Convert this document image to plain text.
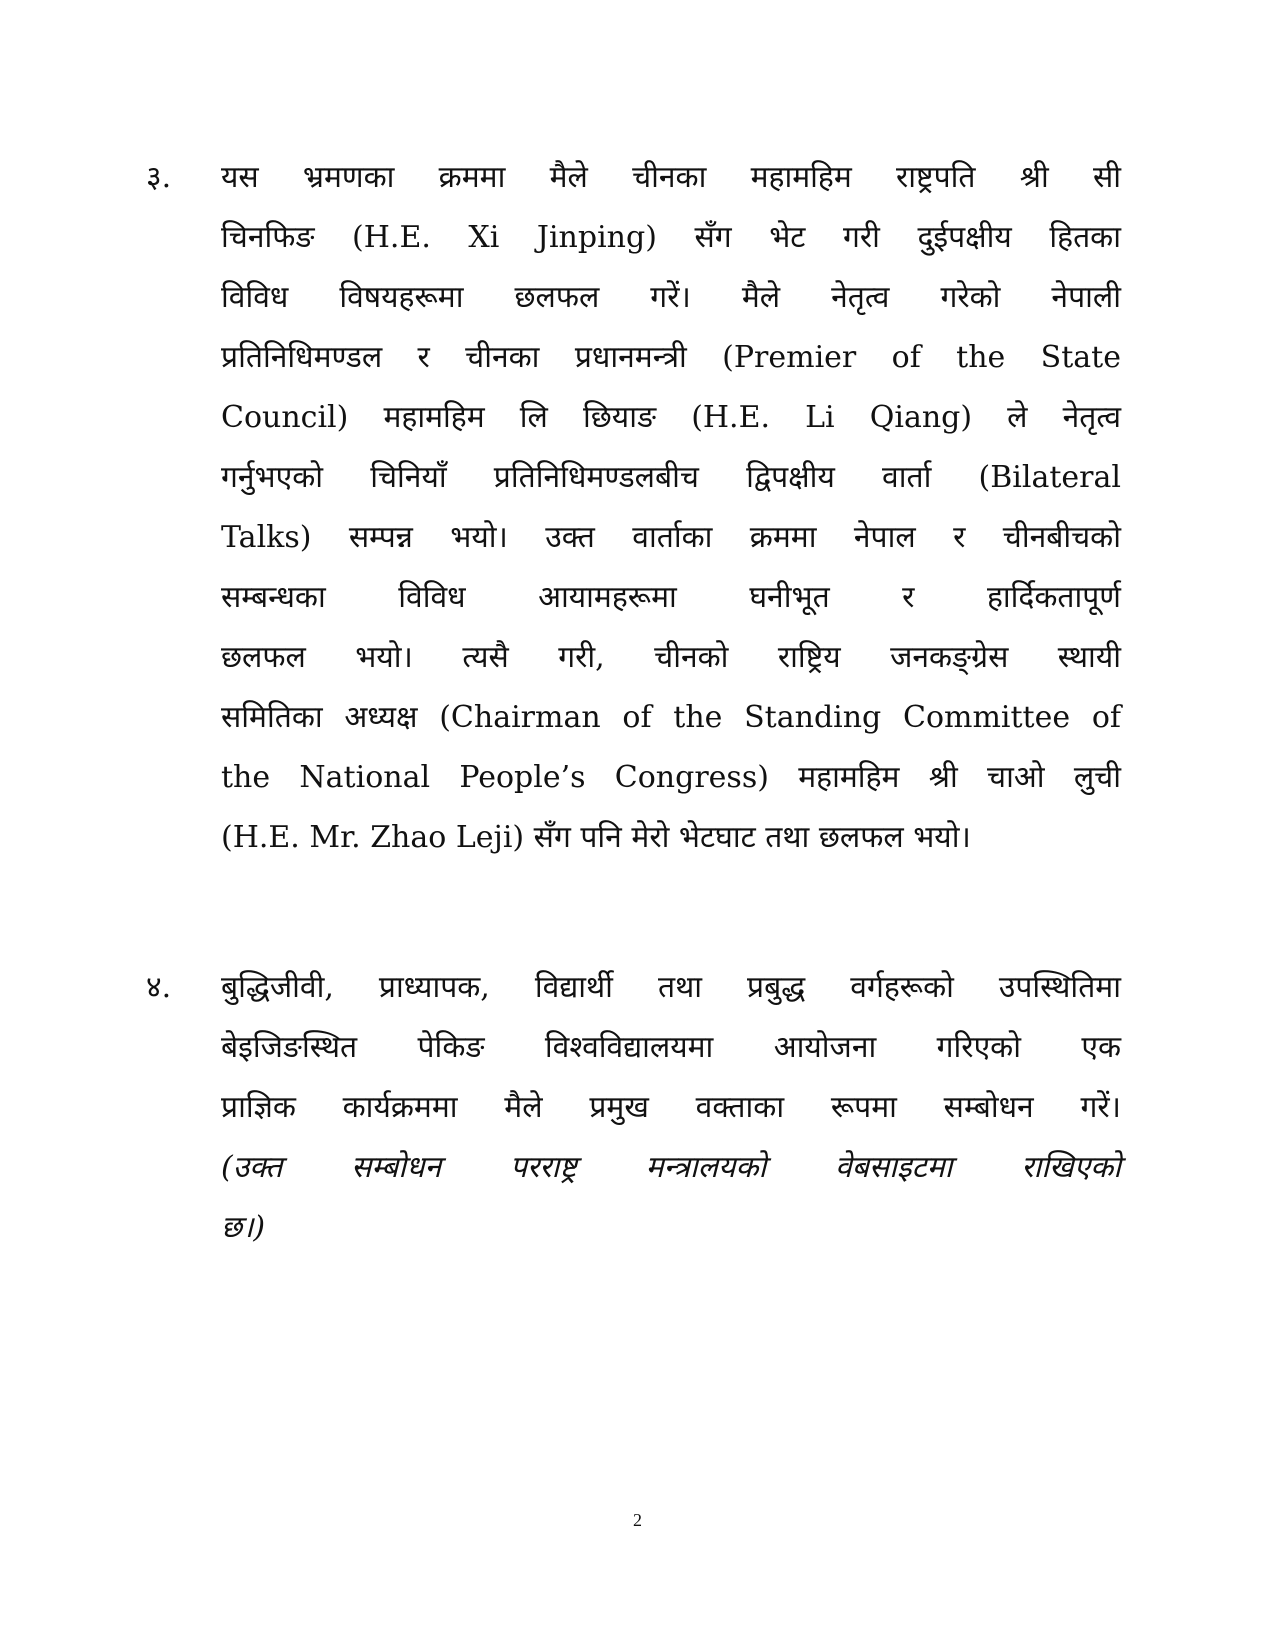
३.	यस भ्रमणका क्रममा मैले चीनका महामहिम राष्ट्रपति श्री सी
चिनफिङ (H.E. Xi Jinping) सँग भेट गरी दुईपक्षीय हितका
विविध विषयहरूमा छलफल गरें। मैले नेतृत्व गरेको नेपाली
प्रतिनिधिमण्डल र चीनका प्रधानमन्त्री (Premier of the State
Council) महामहिम लि छियाङ (H.E. Li Qiang) ले नेतृत्व
गर्नुभएको चिनियाँ प्रतिनिधिमण्डलबीच द्विपक्षीय वार्ता (Bilateral
Talks) सम्पन्न भयो। उक्त वार्ताका क्रममा नेपाल र चीनबीचको
सम्बन्धका विविध आयामहरूमा घनीभूत र हार्दिकतापूर्ण
छलफल भयो। त्यसै गरी, चीनको राष्ट्रिय जनकङ्ग्रेस स्थायी
समितिका अध्यक्ष (Chairman of the Standing Committee of
the National People’s Congress) महामहिम श्री चाओ लुची
(H.E. Mr. Zhao Leji) सँग पनि मेरो भेटघाट तथा छलफल भयो।
४.	बुद्धिजीवी, प्राध्यापक, विद्यार्थी तथा प्रबुद्ध वर्गहरूको उपस्थितिमा
बेइजिङस्थित पेकिङ विश्वविद्यालयमा आयोजना गरिएको एक
प्राज्ञिक कार्यक्रममा मैले प्रमुख वक्ताका रूपमा सम्बोधन गरें।
(उक्त सम्बोधन परराष्ट्र मन्त्रालयको वेबसाइटमा राखिएको
छ।)
2
